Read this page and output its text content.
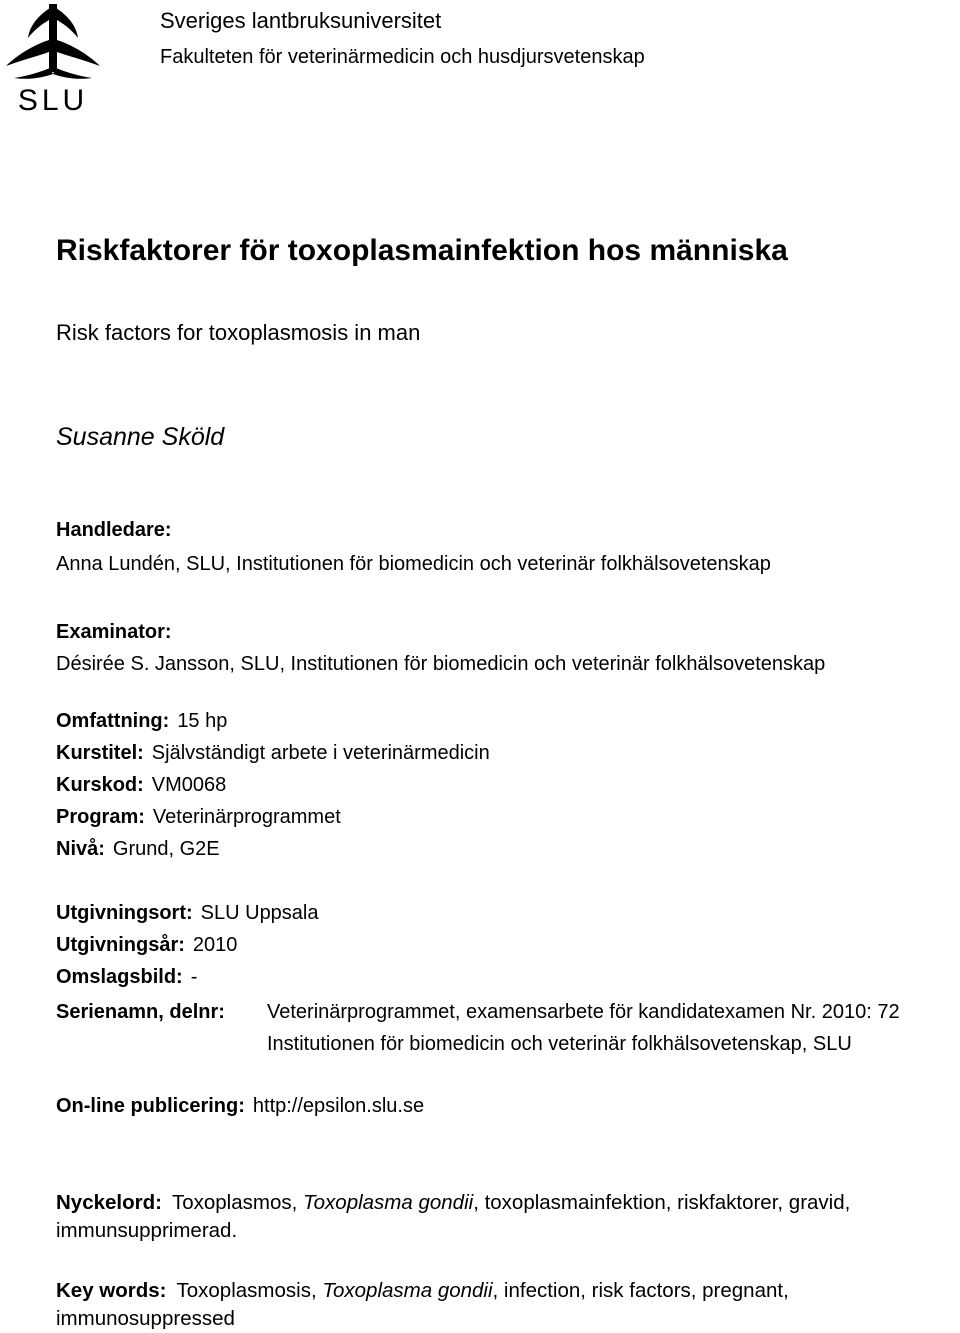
SLU
Sveriges lantbruksuniversitet
Fakulteten för veterinärmedicin och husdjursvetenskap
Riskfaktorer för toxoplasmainfektion hos människa
Risk factors for toxoplasmosis in man
Susanne Sköld
Handledare:
Anna Lundén, SLU, Institutionen för biomedicin och veterinär folkhälsovetenskap
Examinator:
Désirée S. Jansson, SLU, Institutionen för biomedicin och veterinär folkhälsovetenskap
Omfattning: 15 hp
Kurstitel: Självständigt arbete i veterinärmedicin
Kurskod: VM0068
Program: Veterinärprogrammet
Nivå: Grund, G2E
Utgivningsort: SLU Uppsala
Utgivningsår: 2010
Omslagsbild: -
Serienamn, delnr: Veterinärprogrammet, examensarbete för kandidatexamen Nr. 2010: 72
Institutionen för biomedicin och veterinär folkhälsovetenskap, SLU
On-line publicering: http://epsilon.slu.se
Nyckelord: Toxoplasmos, Toxoplasma gondii, toxoplasmainfektion, riskfaktorer, gravid, immunsupprimerad.
Key words: Toxoplasmosis, Toxoplasma gondii, infection, risk factors, pregnant, immunosuppressed
